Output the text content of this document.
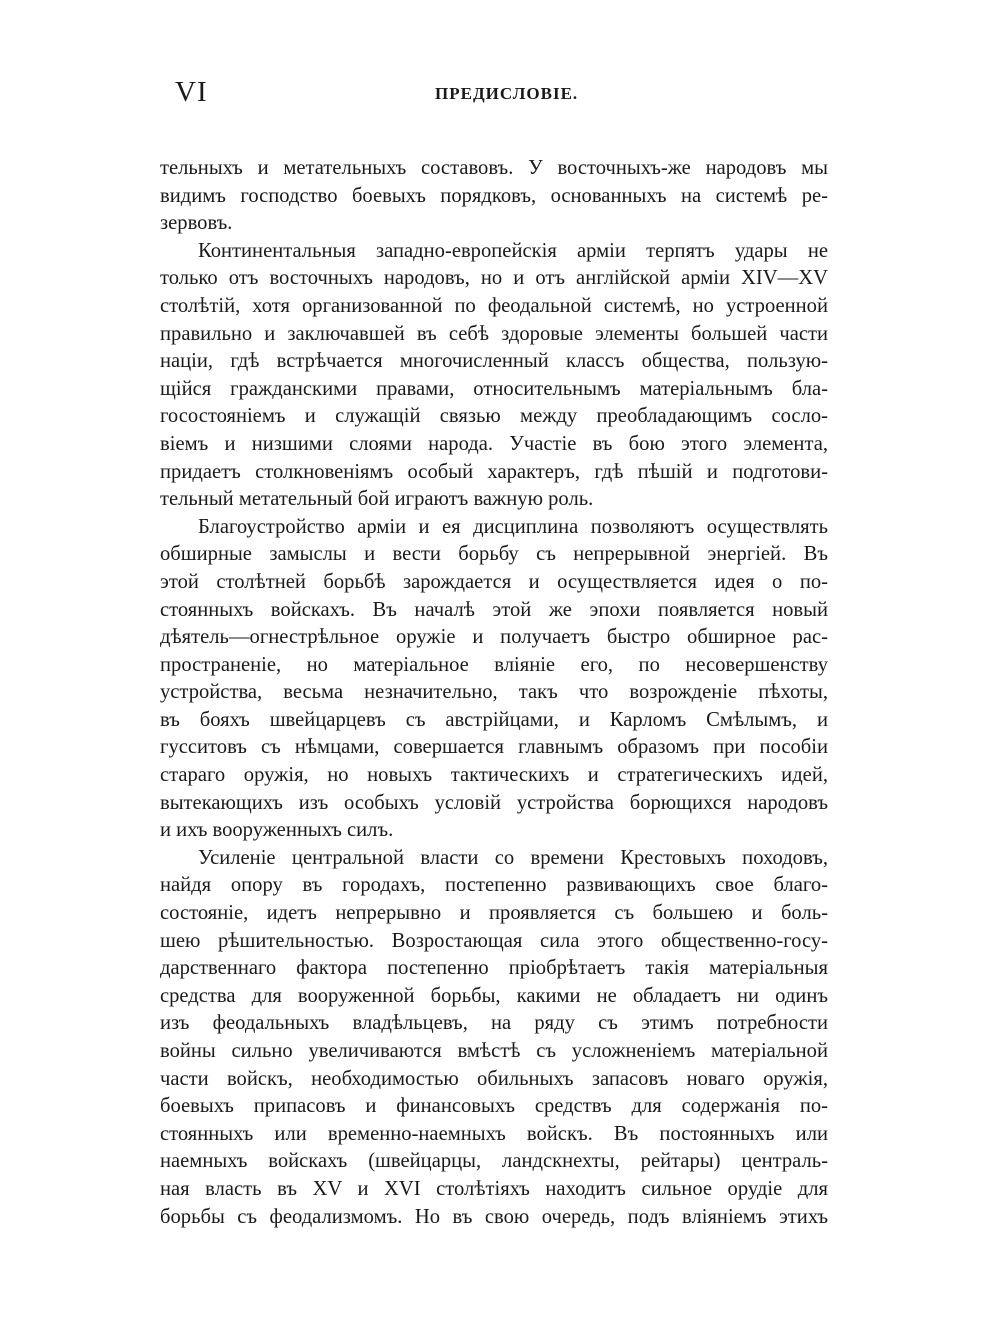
VI	ПРЕДИСЛОВІЕ.

тельныхъ и метательныхъ составовъ. У восточныхъ-же народовъ мы
видимъ господство боевыхъ порядковъ, основанныхъ на системѣ ре-
зервовъ.

Континентальныя западно-европейскія арміи терпятъ удары не
только отъ восточныхъ народовъ, но и отъ англійской арміи XIV—XV
столѣтій, хотя организованной по феодальной системѣ, но устроенной
правильно и заключавшей въ себѣ здоровые элементы большей части
націи, гдѣ встрѣчается многочисленный классъ общества, пользую-
щійся гражданскими правами, относительнымъ матеріальнымъ бла-
госостояніемъ и служащій связью между преобладающимъ сосло-
віемъ и низшими слоями народа. Участіе въ бою этого элемента,
придаетъ столкновеніямъ особый характеръ, гдѣ пѣшій и подготови-
тельный метательный бой играютъ важную роль.

Благоустройство арміи и ея дисциплина позволяютъ осуществлять
обширные замыслы и вести борьбу съ непрерывной энергіей. Въ
этой столѣтней борьбѣ зарождается и осуществляется идея о по-
стоянныхъ войскахъ. Въ началѣ этой же эпохи появляется новый
дѣятель—огнестрѣльное оружіе и получаетъ быстро обширное рас-
пространеніе, но матеріальное вліяніе его, по несовершенству
устройства, весьма незначительно, такъ что возрожденіе пѣхоты,
въ бояхъ швейцарцевъ съ австрійцами, и Карломъ Смѣлымъ, и
гусситовъ съ нѣмцами, совершается главнымъ образомъ при пособіи
стараго оружія, но новыхъ тактическихъ и стратегическихъ идей,
вытекающихъ изъ особыхъ условій устройства борющихся народовъ
и ихъ вооруженныхъ силъ.

Усиленіе центральной власти со времени Крестовыхъ походовъ,
найдя опору въ городахъ, постепенно развивающихъ свое благо-
состояніе, идетъ непрерывно и проявляется съ большею и боль-
шею рѣшительностью. Возростающая сила этого общественно-госу-
дарственнаго фактора постепенно пріобрѣтаетъ такія матеріальныя
средства для вооруженной борьбы, какими не обладаетъ ни одинъ
изъ феодальныхъ владѣльцевъ, на ряду съ этимъ потребности
войны сильно увеличиваются вмѣстѣ съ усложненіемъ матеріальной
части войскъ, необходимостью обильныхъ запасовъ новаго оружія,
боевыхъ припасовъ и финансовыхъ средствъ для содержанія по-
стоянныхъ или временно-наемныхъ войскъ. Въ постоянныхъ или
наемныхъ войскахъ (швейцарцы, ландскнехты, рейтары) централь-
ная власть въ XV и XVI столѣтіяхъ находитъ сильное орудіе для
борьбы съ феодализмомъ. Но въ свою очередь, подъ вліяніемъ этихъ
